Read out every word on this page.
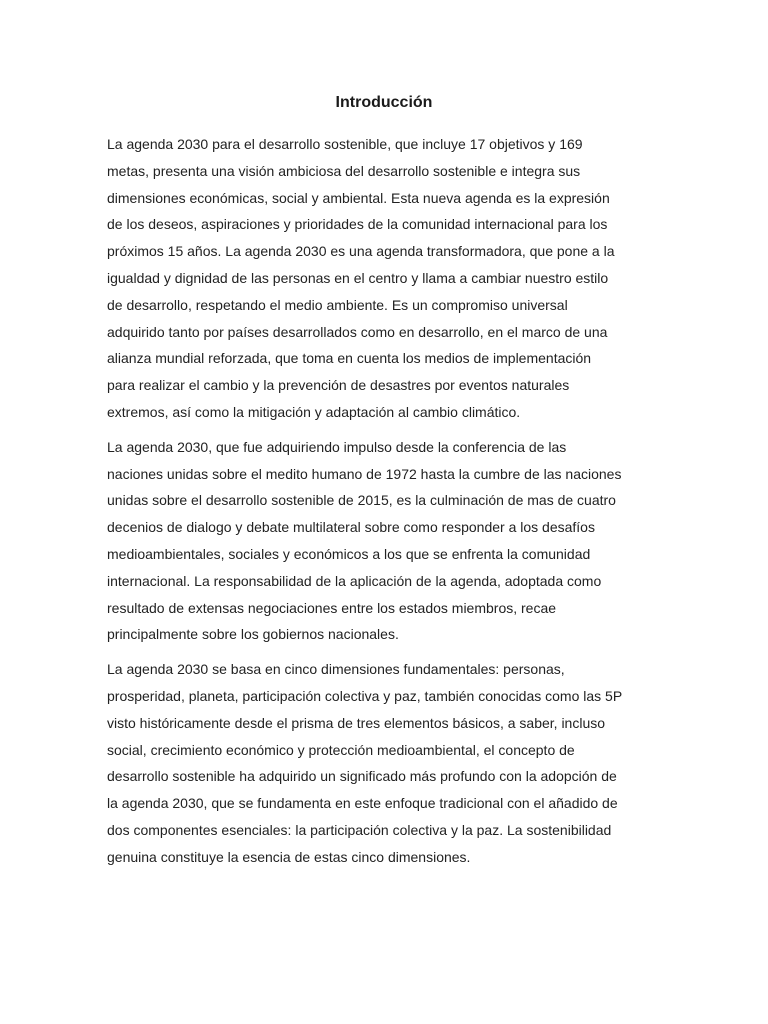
Introducción

La agenda 2030 para el desarrollo sostenible, que incluye 17 objetivos y 169
metas, presenta una visión ambiciosa del desarrollo sostenible e integra sus
dimensiones económicas, social y ambiental. Esta nueva agenda es la expresión
de los deseos, aspiraciones y prioridades de la comunidad internacional para los
próximos 15 años. La agenda 2030 es una agenda transformadora, que pone a la
igualdad y dignidad de las personas en el centro y llama a cambiar nuestro estilo
de desarrollo, respetando el medio ambiente. Es un compromiso universal
adquirido tanto por países desarrollados como en desarrollo, en el marco de una
alianza mundial reforzada, que toma en cuenta los medios de implementación
para realizar el cambio y la prevención de desastres por eventos naturales
extremos, así como la mitigación y adaptación al cambio climático.

La agenda 2030, que fue adquiriendo impulso desde la conferencia de las
naciones unidas sobre el medito humano de 1972 hasta la cumbre de las naciones
unidas sobre el desarrollo sostenible de 2015, es la culminación de mas de cuatro
decenios de dialogo y debate multilateral sobre como responder a los desafíos
medioambientales, sociales y económicos a los que se enfrenta la comunidad
internacional. La responsabilidad de la aplicación de la agenda, adoptada como
resultado de extensas negociaciones entre los estados miembros, recae
principalmente sobre los gobiernos nacionales.

La agenda 2030 se basa en cinco dimensiones fundamentales: personas,
prosperidad, planeta, participación colectiva y paz, también conocidas como las 5P
visto históricamente desde el prisma de tres elementos básicos, a saber, incluso
social, crecimiento económico y protección medioambiental, el concepto de
desarrollo sostenible ha adquirido un significado más profundo con la adopción de
la agenda 2030, que se fundamenta en este enfoque tradicional con el añadido de
dos componentes esenciales: la participación colectiva y la paz. La sostenibilidad
genuina constituye la esencia de estas cinco dimensiones.
